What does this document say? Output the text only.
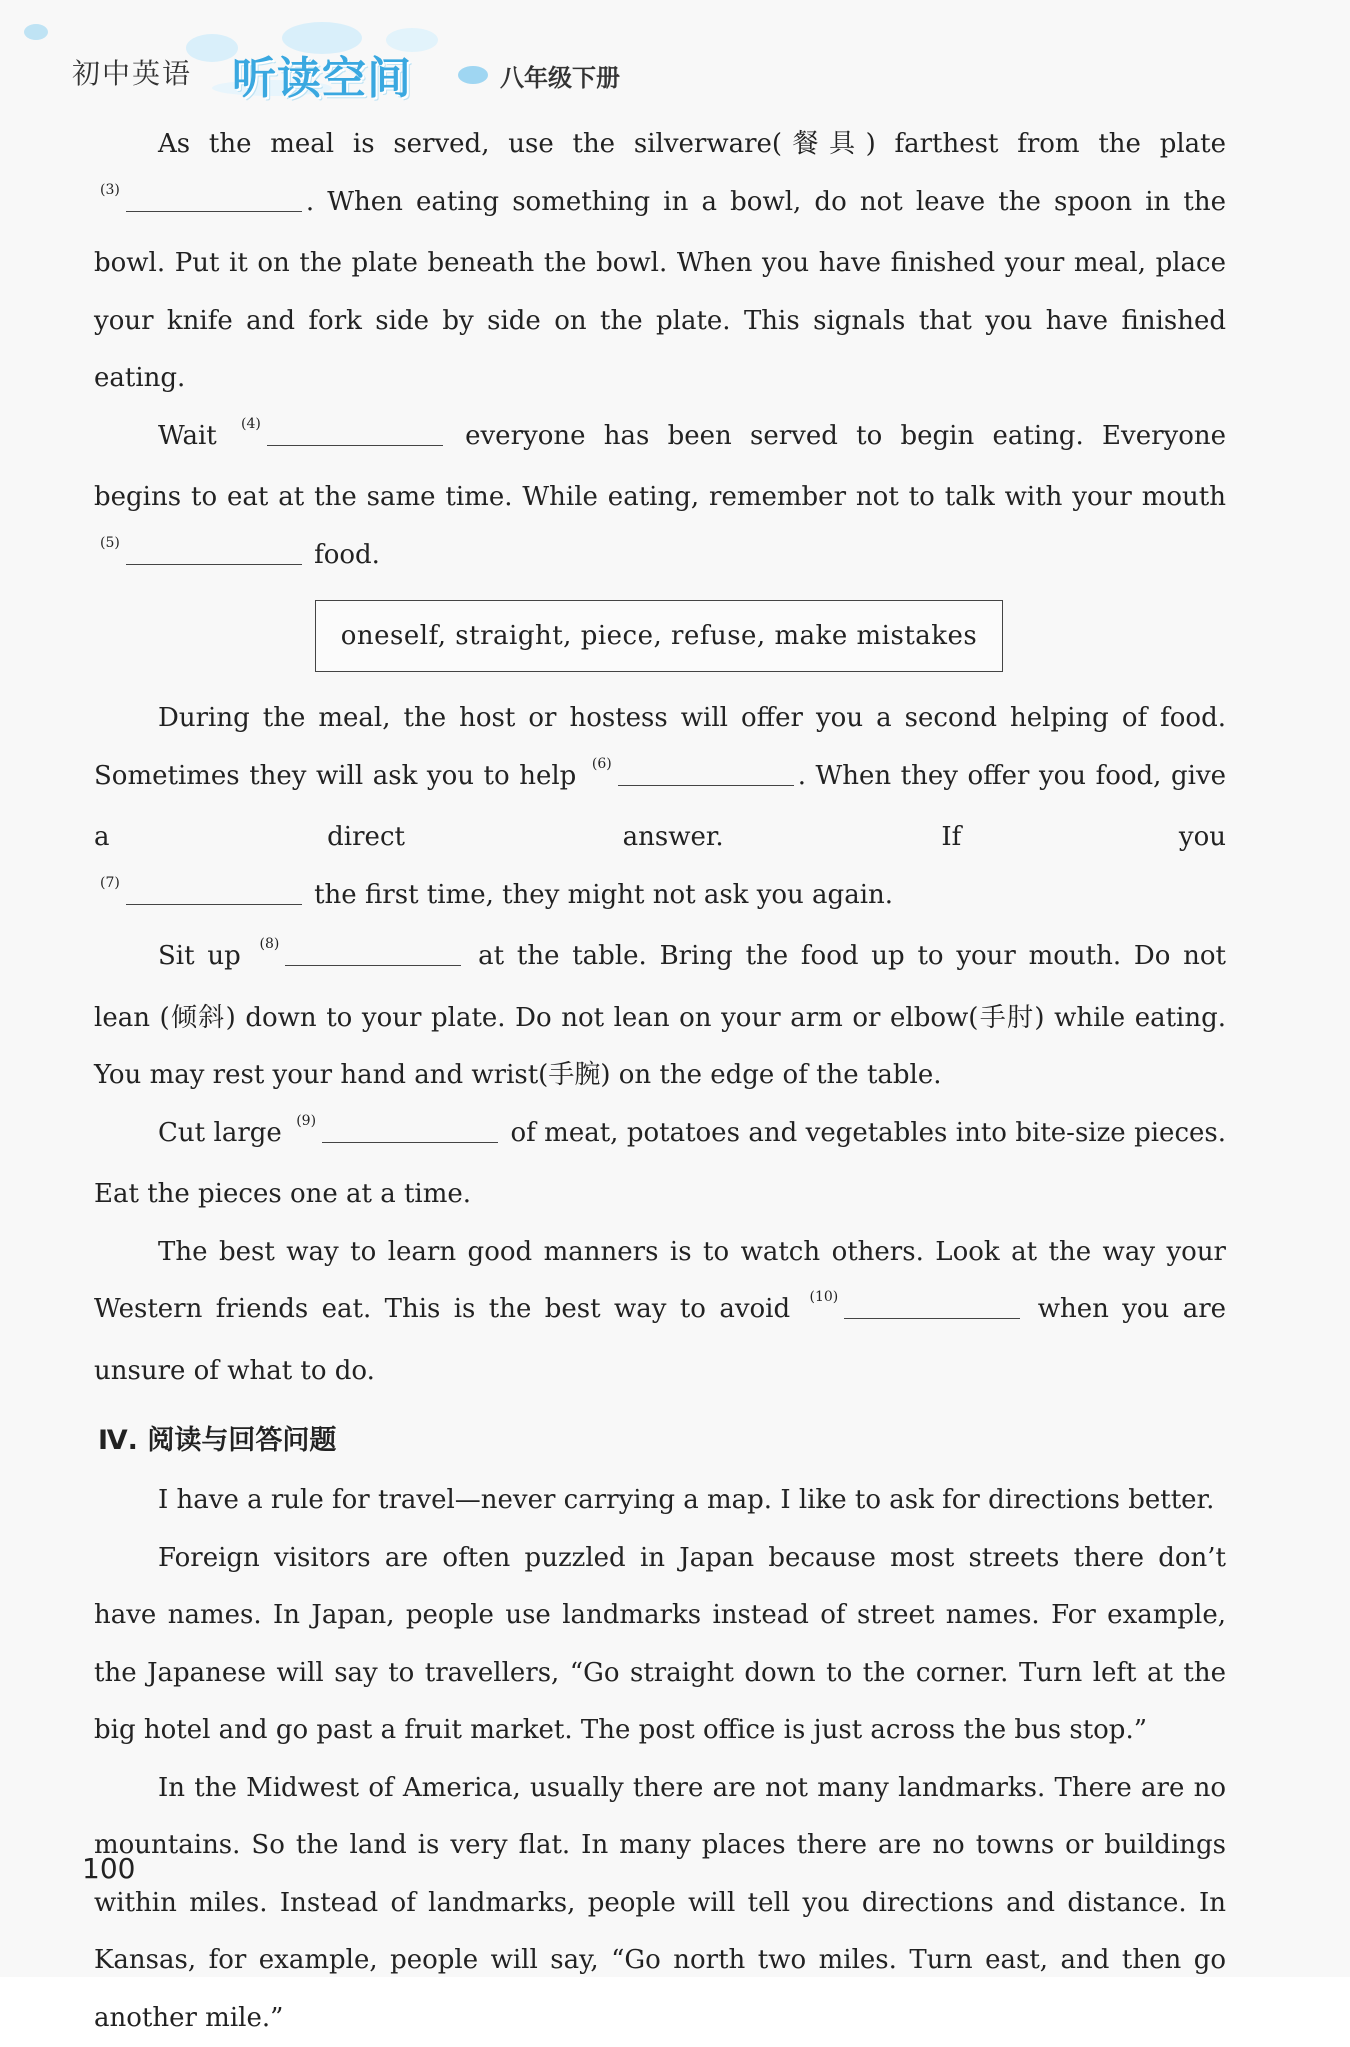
初中英语 听读空间	八年级下册

As the meal is served, use the silverware(餐具) farthest from the plate

$^{(3)}$	. When eating something in a bowl, do not leave the spoon in the bowl. Put it on the plate beneath the bowl. When you have finished your meal, place your knife and fork side by side on the plate. This signals that you have finished eating.

Wait $^{(4)}$	everyone has been served to begin eating. Everyone begins to eat at the same time. While eating, remember not to talk with your mouth

$^{(5)}$	food.

oneself, straight, piece, refuse, make mistakes

During the meal, the host or hostess will offer you a second helping of food. Sometimes they will ask you to help $^{(6)}$	. When they offer you food, give a direct answer. If you

$^{(7)}$	the first time, they might not ask you again.

Sit up $^{(8)}$	at the table. Bring the food up to your mouth. Do not lean (倾斜) down to your plate. Do not lean on your arm or elbow(手肘) while eating. You may rest your hand and wrist(手腕) on the edge of the table.

Cut large $^{(9)}$	of meat, potatoes and vegetables into bite-size pieces. Eat the pieces one at a time.

The best way to learn good manners is to watch others. Look at the way your Western friends eat. This is the best way to avoid $^{(10)}$	when you are unsure of what to do.

Ⅳ. 阅读与回答问题

I have a rule for travel—never carrying a map. I like to ask for directions better.

Foreign visitors are often puzzled in Japan because most streets there don’t have names. In Japan, people use landmarks instead of street names. For example, the Japanese will say to travellers, “Go straight down to the corner. Turn left at the big hotel and go past a fruit market. The post office is just across the bus stop.”

In the Midwest of America, usually there are not many landmarks. There are no mountains. So the land is very flat. In many places there are no towns or buildings within miles. Instead of landmarks, people will tell you directions and distance. In Kansas, for example, people will say, “Go north two miles. Turn east, and then go another mile.”

100
